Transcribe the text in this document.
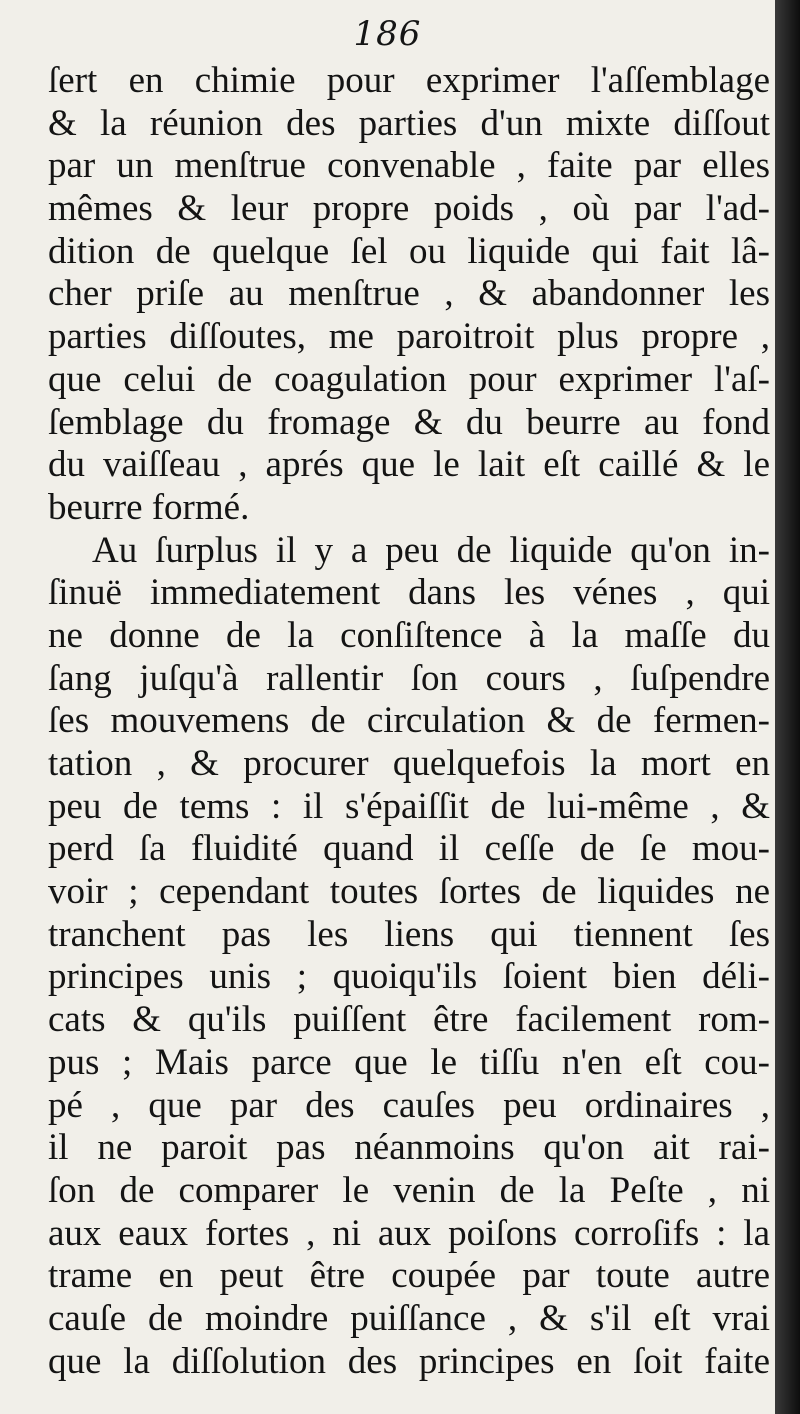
186
ſert en chimie pour exprimer l'aſſemblage
& la réunion des parties d'un mixte diſſout
par un menſtrue convenable , faite par elles
mêmes & leur propre poids , où par l'ad-
dition de quelque ſel ou liquide qui fait lâ-
cher priſe au menſtrue , & abandonner les
parties diſſoutes, me paroitroit plus propre ,
que celui de coagulation pour exprimer l'aſ-
ſemblage du fromage & du beurre au fond
du vaiſſeau , aprés que le lait eſt caillé & le
beurre formé.
Au ſurplus il y a peu de liquide qu'on in-
ſinuë immediatement dans les vénes , qui
ne donne de la conſiſtence à la maſſe du
ſang juſqu'à rallentir ſon cours , ſuſpendre
ſes mouvemens de circulation & de fermen-
tation , & procurer quelquefois la mort en
peu de tems : il s'épaiſſit de lui-même , &
perd ſa fluidité quand il ceſſe de ſe mou-
voir ; cependant toutes ſortes de liquides ne
tranchent pas les liens qui tiennent ſes
principes unis ; quoiqu'ils ſoient bien déli-
cats & qu'ils puiſſent être facilement rom-
pus ; Mais parce que le tiſſu n'en eſt cou-
pé , que par des cauſes peu ordinaires ,
il ne paroit pas néanmoins qu'on ait rai-
ſon de comparer le venin de la Peſte , ni
aux eaux fortes , ni aux poiſons corroſifs : la
trame en peut être coupée par toute autre
cauſe de moindre puiſſance , & s'il eſt vrai
que la diſſolution des principes en ſoit faite
